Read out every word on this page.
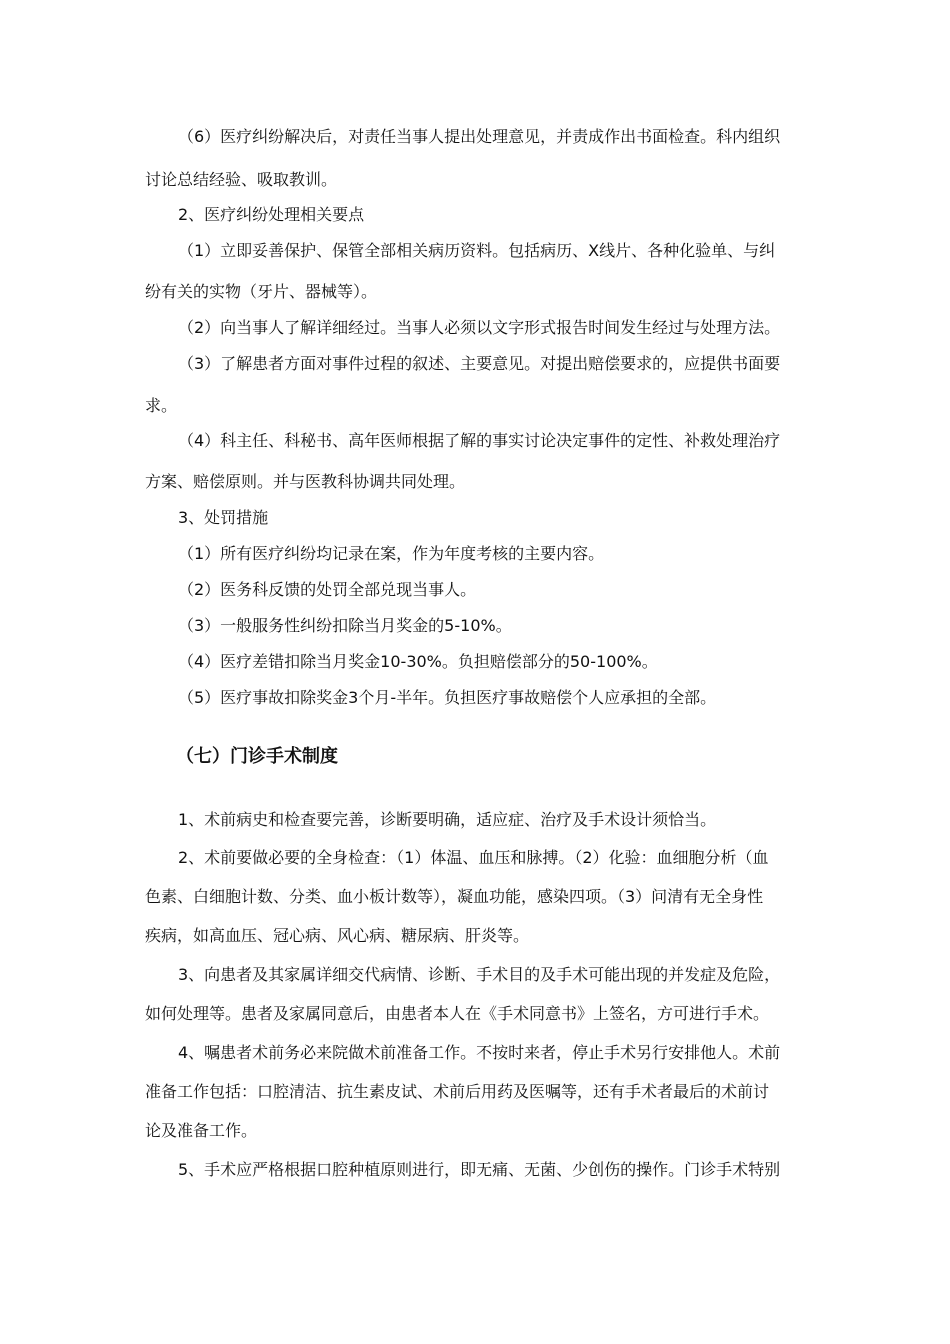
（6）医疗纠纷解决后，对责任当事人提出处理意见，并责成作出书面检查。科内组织
讨论总结经验、吸取教训。
2、医疗纠纷处理相关要点
（1）立即妥善保护、保管全部相关病历资料。包括病历、X线片、各种化验单、与纠
纷有关的实物（牙片、器械等）。
（2）向当事人了解详细经过。当事人必须以文字形式报告时间发生经过与处理方法。
（3）了解患者方面对事件过程的叙述、主要意见。对提出赔偿要求的，应提供书面要
求。
（4）科主任、科秘书、高年医师根据了解的事实讨论决定事件的定性、补救处理治疗
方案、赔偿原则。并与医教科协调共同处理。
3、处罚措施
（1）所有医疗纠纷均记录在案，作为年度考核的主要内容。
（2）医务科反馈的处罚全部兑现当事人。
（3）一般服务性纠纷扣除当月奖金的5-10%。
（4）医疗差错扣除当月奖金10-30%。负担赔偿部分的50-100%。
（5）医疗事故扣除奖金3个月-半年。负担医疗事故赔偿个人应承担的全部。
（七）门诊手术制度
1、术前病史和检查要完善，诊断要明确，适应症、治疗及手术设计须恰当。
2、术前要做必要的全身检查：（1）体温、血压和脉搏。（2）化验：血细胞分析（血
色素、白细胞计数、分类、血小板计数等），凝血功能，感染四项。（3）问清有无全身性
疾病，如高血压、冠心病、风心病、糖尿病、肝炎等。
3、向患者及其家属详细交代病情、诊断、手术目的及手术可能出现的并发症及危险，
如何处理等。患者及家属同意后，由患者本人在《手术同意书》上签名，方可进行手术。
4、嘱患者术前务必来院做术前准备工作。不按时来者，停止手术另行安排他人。术前
准备工作包括：口腔清洁、抗生素皮试、术前后用药及医嘱等，还有手术者最后的术前讨
论及准备工作。
5、手术应严格根据口腔种植原则进行，即无痛、无菌、少创伤的操作。门诊手术特别
